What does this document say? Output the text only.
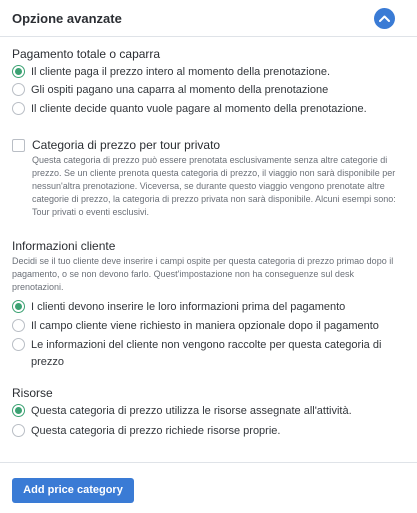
Opzione avanzate
Pagamento totale o caparra
Il cliente paga il prezzo intero al momento della prenotazione.
Gli ospiti pagano una caparra al momento della prenotazione
Il cliente decide quanto vuole pagare al momento della prenotazione.
Categoria di prezzo per tour privato
Questa categoria di prezzo può essere prenotata esclusivamente senza altre categorie di prezzo. Se un cliente prenota questa categoria di prezzo, il viaggio non sarà disponibile per nessun'altra prenotazione. Viceversa, se durante questo viaggio vengono prenotate altre categorie di prezzo, la categoria di prezzo privata non sarà disponibile. Alcuni esempi sono: Tour privati o eventi esclusivi.
Informazioni cliente
Decidi se il tuo cliente deve inserire i campi ospite per questa categoria di prezzo primao dopo il pagamento, o se non devono farlo. Quest'impostazione non ha conseguenze sul desk prenotazioni.
I clienti devono inserire le loro informazioni prima del pagamento
Il campo cliente viene richiesto in maniera opzionale dopo il pagamento
Le informazioni del cliente non vengono raccolte per questa categoria di prezzo
Risorse
Questa categoria di prezzo utilizza le risorse assegnate all'attività.
Questa categoria di prezzo richiede risorse proprie.
Add price category
